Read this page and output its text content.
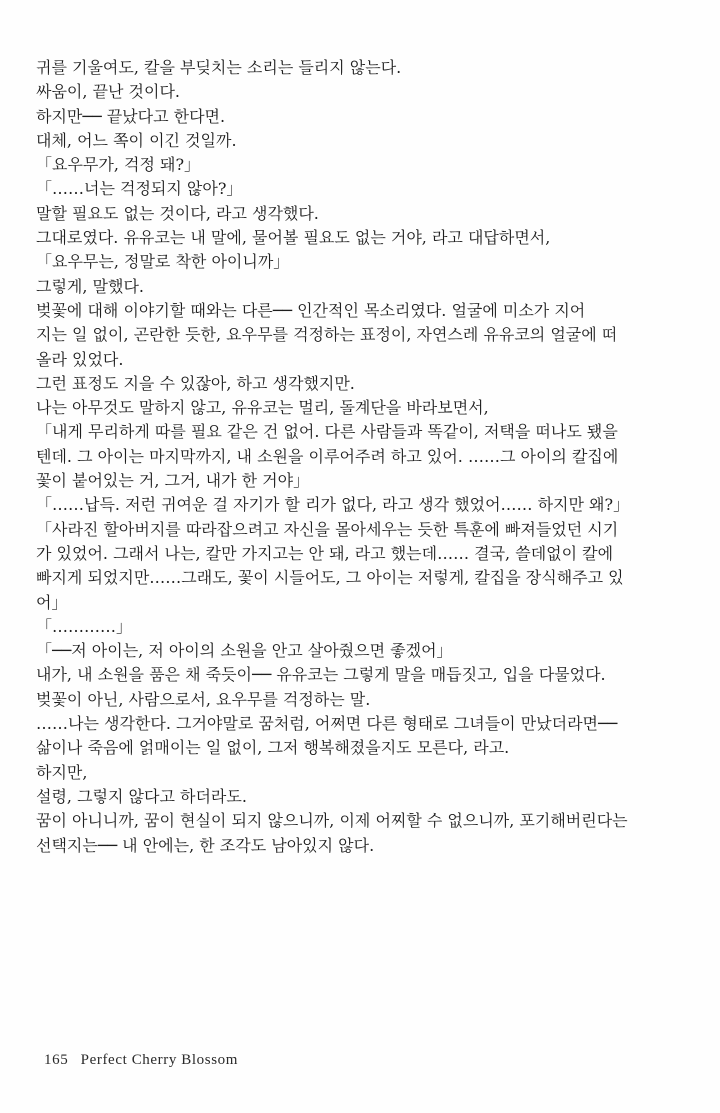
귀를 기울여도, 칼을 부딪치는 소리는 들리지 않는다.
싸움이, 끝난 것이다.
하지만── 끝났다고 한다면.
대체, 어느 쪽이 이긴 것일까.
「요우무가, 걱정 돼?」
「……너는 걱정되지 않아?」
말할 필요도 없는 것이다, 라고 생각했다.
그대로였다. 유유코는 내 말에, 물어볼 필요도 없는 거야, 라고 대답하면서,
「요우무는, 정말로 착한 아이니까」
그렇게, 말했다.
벚꽃에 대해 이야기할 때와는 다른── 인간적인 목소리였다. 얼굴에 미소가 지어
지는 일 없이, 곤란한 듯한, 요우무를 걱정하는 표정이, 자연스레 유유코의 얼굴에 떠
올라 있었다.
그런 표정도 지을 수 있잖아, 하고 생각했지만.
나는 아무것도 말하지 않고, 유유코는 멀리, 돌계단을 바라보면서,
「내게 무리하게 따를 필요 같은 건 없어. 다른 사람들과 똑같이, 저택을 떠나도 됐을
텐데. 그 아이는 마지막까지, 내 소원을 이루어주려 하고 있어. ……그 아이의 칼집에
꽃이 붙어있는 거, 그거, 내가 한 거야」
「……납득. 저런 귀여운 걸 자기가 할 리가 없다, 라고 생각 했었어…… 하지만 왜?」
「사라진 할아버지를 따라잡으려고 자신을 몰아세우는 듯한 특훈에 빠져들었던 시기
가 있었어. 그래서 나는, 칼만 가지고는 안 돼, 라고 했는데…… 결국, 쓸데없이 칼에
빠지게 되었지만……그래도, 꽃이 시들어도, 그 아이는 저렇게, 칼집을 장식해주고 있
어」
「…………」
「──저 아이는, 저 아이의 소원을 안고 살아줬으면 좋겠어」
내가, 내 소원을 품은 채 죽듯이── 유유코는 그렇게 말을 매듭짓고, 입을 다물었다.
벚꽃이 아닌, 사람으로서, 요우무를 걱정하는 말.
……나는 생각한다. 그거야말로 꿈처럼, 어쩌면 다른 형태로 그녀들이 만났더라면──
삶이나 죽음에 얽매이는 일 없이, 그저 행복해졌을지도 모른다, 라고.
하지만,
설령, 그렇지 않다고 하더라도.
꿈이 아니니까, 꿈이 현실이 되지 않으니까, 이제 어찌할 수 없으니까, 포기해버린다는
선택지는── 내 안에는, 한 조각도 남아있지 않다.
165 Perfect Cherry Blossom
